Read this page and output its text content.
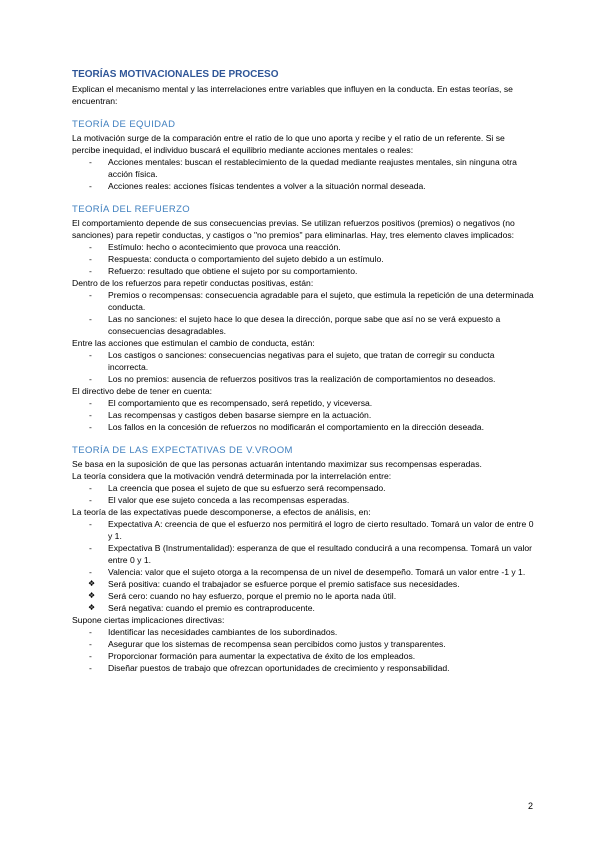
TEORÍAS MOTIVACIONALES DE PROCESO

Explican el mecanismo mental y las interrelaciones entre variables que influyen en la conducta. En estas teorías, se encuentran:

TEORÍA DE EQUIDAD

La motivación surge de la comparación entre el ratio de lo que uno aporta y recibe y el ratio de un referente. Si se percibe inequidad, el individuo buscará el equilibrio mediante acciones mentales o reales:

- Acciones mentales: buscan el restablecimiento de la quedad mediante reajustes mentales, sin ninguna otra acción física.
- Acciones reales: acciones físicas tendentes a volver a la situación normal deseada.
TEORÍA DEL REFUERZO

El comportamiento depende de sus consecuencias previas. Se utilizan refuerzos positivos (premios) o negativos (no sanciones) para repetir conductas, y castigos o "no premios" para eliminarlas. Hay, tres elemento claves implicados:

- Estímulo: hecho o acontecimiento que provoca una reacción.
- Respuesta: conducta o comportamiento del sujeto debido a un estímulo.
- Refuerzo: resultado que obtiene el sujeto por su comportamiento.

Dentro de los refuerzos para repetir conductas positivas, están:

- Premios o recompensas: consecuencia agradable para el sujeto, que estimula la repetición de una determinada conducta.
- Las no sanciones: el sujeto hace lo que desea la dirección, porque sabe que así no se verá expuesto a consecuencias desagradables.

Entre las acciones que estimulan el cambio de conducta, están:

- Los castigos o sanciones: consecuencias negativas para el sujeto, que tratan de corregir su conducta incorrecta.
- Los no premios: ausencia de refuerzos positivos tras la realización de comportamientos no deseados.

El directivo debe de tener en cuenta:

- El comportamiento que es recompensado, será repetido, y viceversa.
- Las recompensas y castigos deben basarse siempre en la actuación.
- Los fallos en la concesión de refuerzos no modificarán el comportamiento en la dirección deseada.
TEORÍA DE LAS EXPECTATIVAS DE V.VROOM

Se basa en la suposición de que las personas actuarán intentando maximizar sus recompensas esperadas.

La teoría considera que la motivación vendrá determinada por la interrelación entre:

- La creencia que posea el sujeto de que su esfuerzo será recompensado.
- El valor que ese sujeto conceda a las recompensas esperadas.

La teoría de las expectativas puede descomponerse, a efectos de análisis, en:

- Expectativa A: creencia de que el esfuerzo nos permitirá el logro de cierto resultado. Tomará un valor de entre 0 y 1.
- Expectativa B (Instrumentalidad): esperanza de que el resultado conducirá a una recompensa. Tomará un valor entre 0 y 1.
- Valencia: valor que el sujeto otorga a la recompensa de un nivel de desempeño. Tomará un valor entre -1 y 1.
❖ Será positiva: cuando el trabajador se esfuerce porque el premio satisface sus necesidades.
❖ Será cero: cuando no hay esfuerzo, porque el premio no le aporta nada útil.
❖ Será negativa: cuando el premio es contraproducente.

Supone ciertas implicaciones directivas:

- Identificar las necesidades cambiantes de los subordinados.
- Asegurar que los sistemas de recompensa sean percibidos como justos y transparentes.
- Proporcionar formación para aumentar la expectativa de éxito de los empleados.
- Diseñar puestos de trabajo que ofrezcan oportunidades de crecimiento y responsabilidad.
2
